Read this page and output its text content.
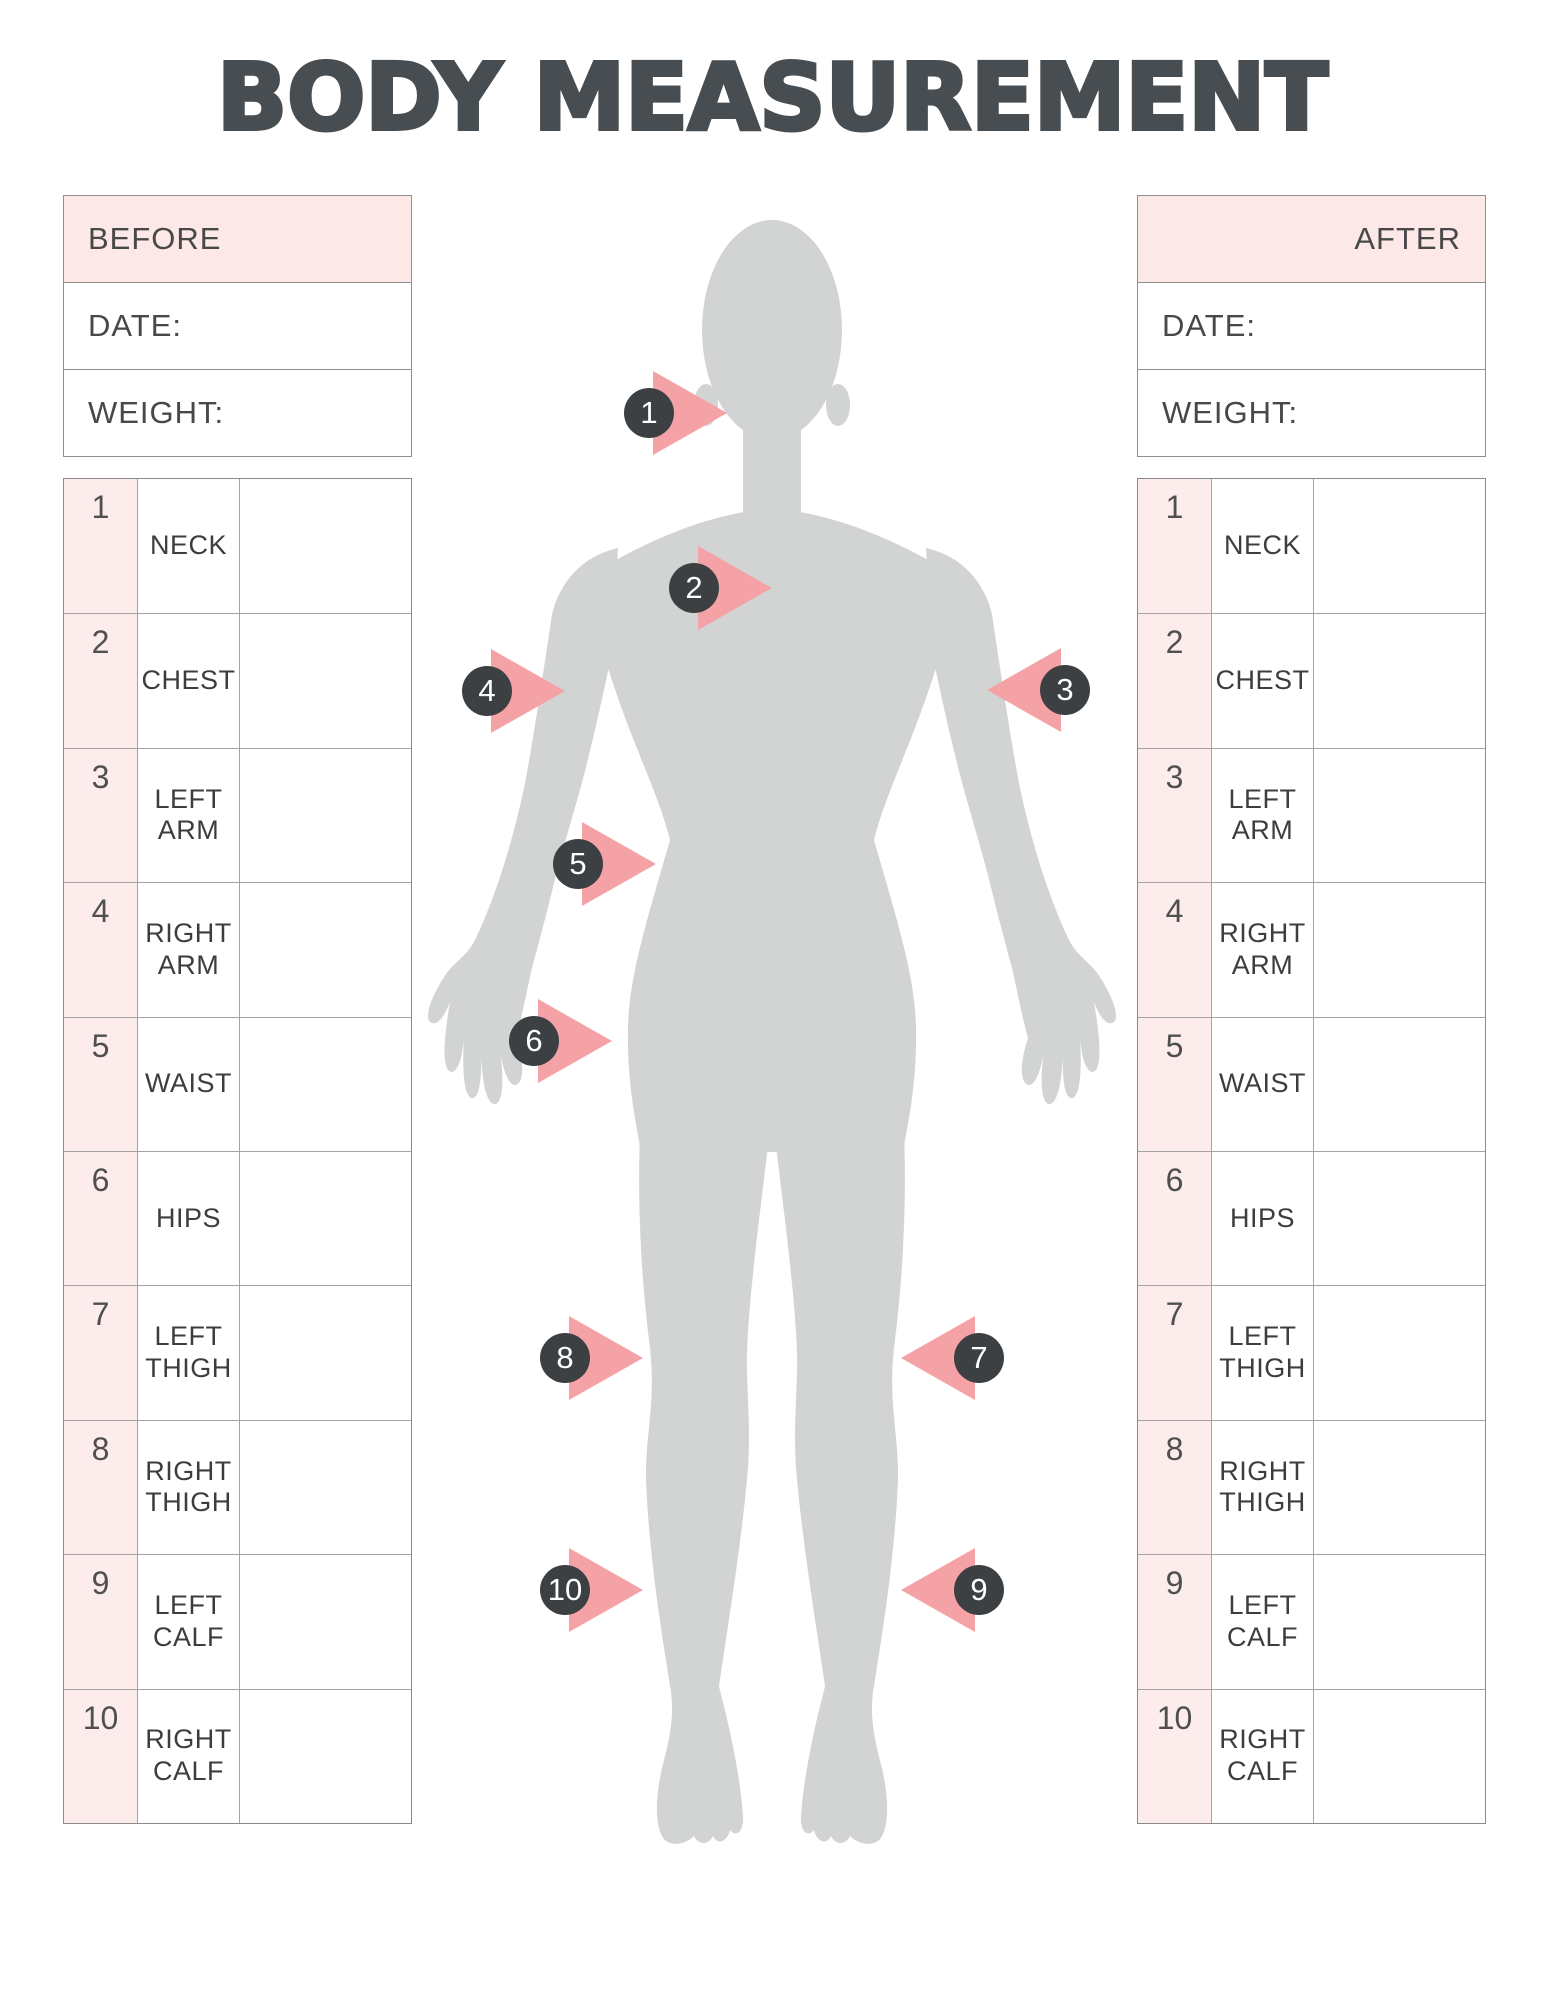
BODY MEASUREMENT
1
2
3
4
5
6
7
8
9
10
BEFORE
DATE:
WEIGHT:
1
NECK
2
CHEST
3
LEFT ARM
4
RIGHT ARM
5
WAIST
6
HIPS
7
LEFT THIGH
8
RIGHT THIGH
9
LEFT CALF
10
RIGHT CALF
AFTER
DATE:
WEIGHT:
1
NECK
2
CHEST
3
LEFT ARM
4
RIGHT ARM
5
WAIST
6
HIPS
7
LEFT THIGH
8
RIGHT THIGH
9
LEFT CALF
10
RIGHT CALF
